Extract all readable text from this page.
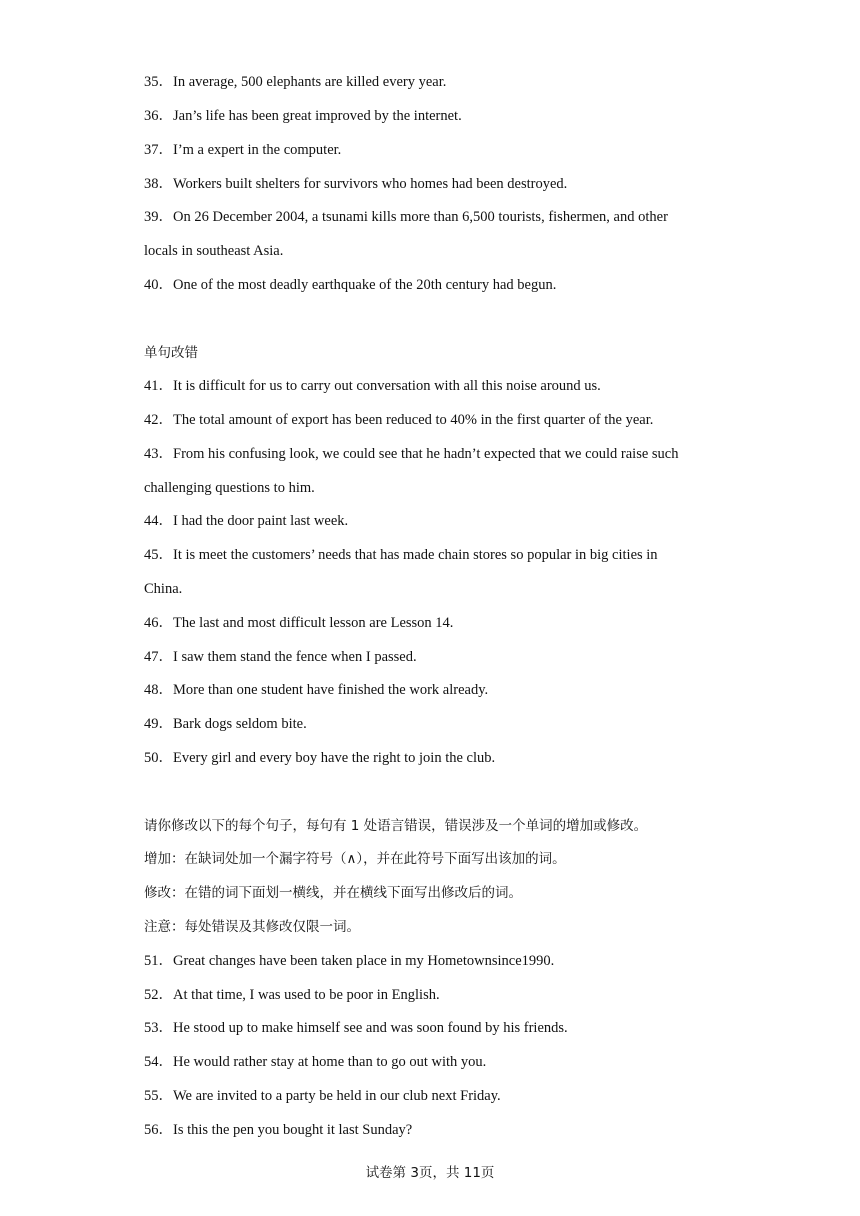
35．In average, 500 elephants are killed every year.
36．Jan’s life has been great improved by the internet.
37．I’m a expert in the computer.
38．Workers built shelters for survivors who homes had been destroyed.
39．On 26 December 2004, a tsunami kills more than 6,500 tourists, fishermen, and other
locals in southeast Asia.
40．One of the most deadly earthquake of the 20th century had begun.
单句改错
41．It is difficult for us to carry out conversation with all this noise around us.
42．The total amount of export has been reduced to 40% in the first quarter of the year.
43．From his confusing look, we could see that he hadn’t expected that we could raise such
challenging questions to him.
44．I had the door paint last week.
45．It is meet the customers’ needs that has made chain stores so popular in big cities in
China.
46．The last and most difficult lesson are Lesson 14.
47．I saw them stand the fence when I passed.
48．More than one student have finished the work already.
49．Bark dogs seldom bite.
50．Every girl and every boy have the right to join the club.
请你修改以下的每个句子，每句有 1 处语言错误，错误涉及一个单词的增加或修改。
增加：在缺词处加一个漏字符号（∧），并在此符号下面写出该加的词。
修改：在错的词下面划一横线，并在横线下面写出修改后的词。
注意：每处错误及其修改仅限一词。
51．Great changes have been taken place in my Hometownsince1990.
52．At that time, I was used to be poor in English.
53．He stood up to make himself see and was soon found by his friends.
54．He would rather stay at home than to go out with you.
55．We are invited to a party be held in our club next Friday.
56．Is this the pen you bought it last Sunday?
试卷第 3页，共 11页
